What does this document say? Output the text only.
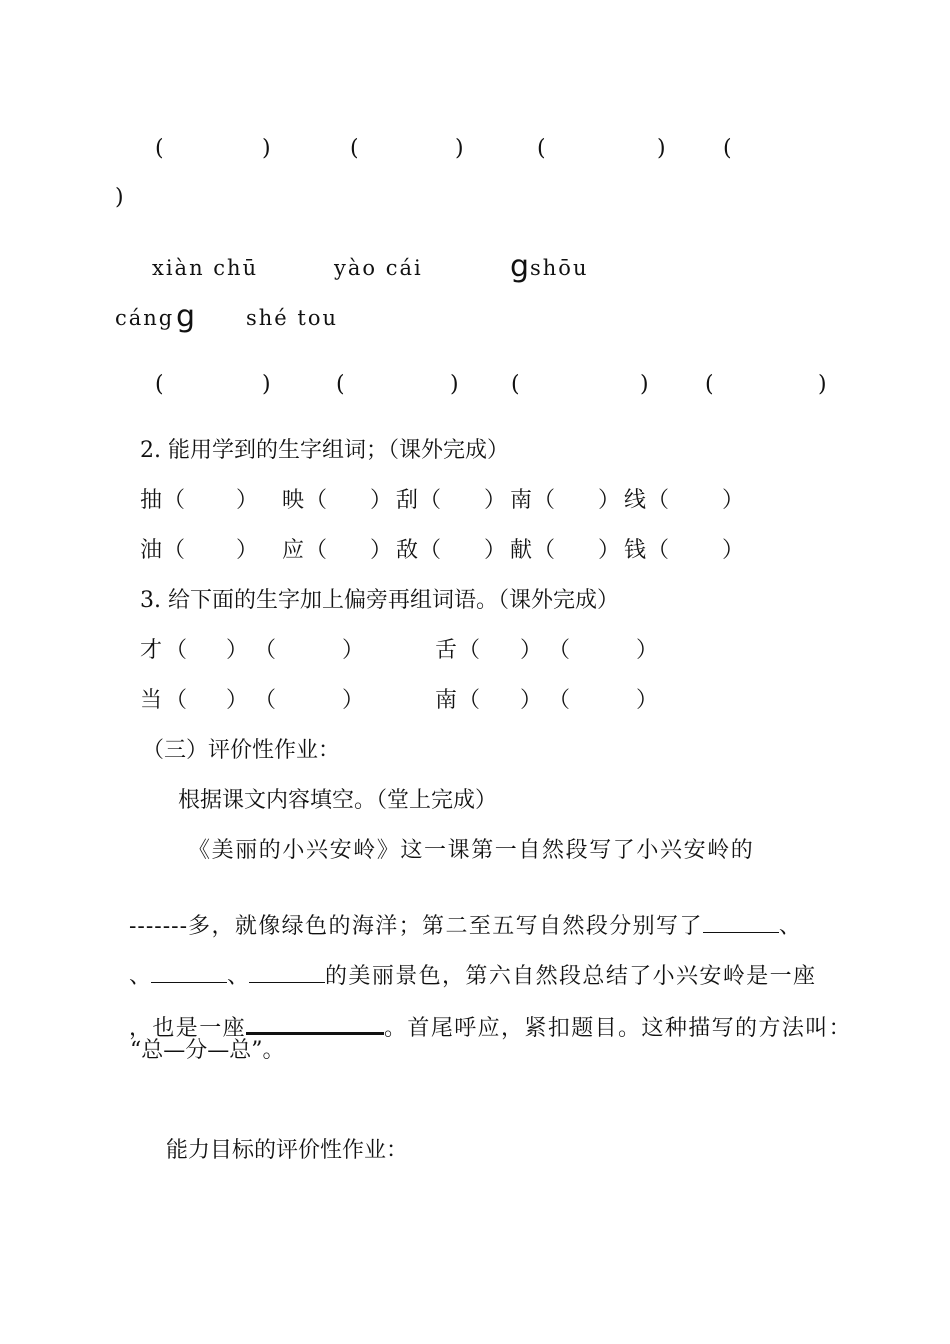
(	)	(	)	(	)	(
)
xiàn chū	yào cái	g shōu
cáng g shé tou
(	)	(	) (	)	(	)
2. 能用学到的生字组词；（课外完成）
抽 （ ） 映 （ ） 刮 （ ） 南 （ ） 线 （ ）
油 （ ） 应 （ ） 敌 （ ） 献 （ ） 钱 （ ）
3. 给下面的生字加上偏旁再组词语。（课外完成）
才 （ ） （	）	舌 （ ） （	）
当 （ ） （	）	南 （ ） （	）
（三）评价性作业：
根据课文内容填空。（堂上完成）
《美丽的小兴安岭》这一课第一自然段写了小兴安岭的

-------多，就像绿色的海洋；第二至五写自然段分别写了	、

、	、	的美丽景色，第六自然段总结了小兴安岭是一座

，也是一座	。首尾呼应，紧扣题目。这种描写的方法叫：

“总—分—总”。
能力目标的评价性作业：
